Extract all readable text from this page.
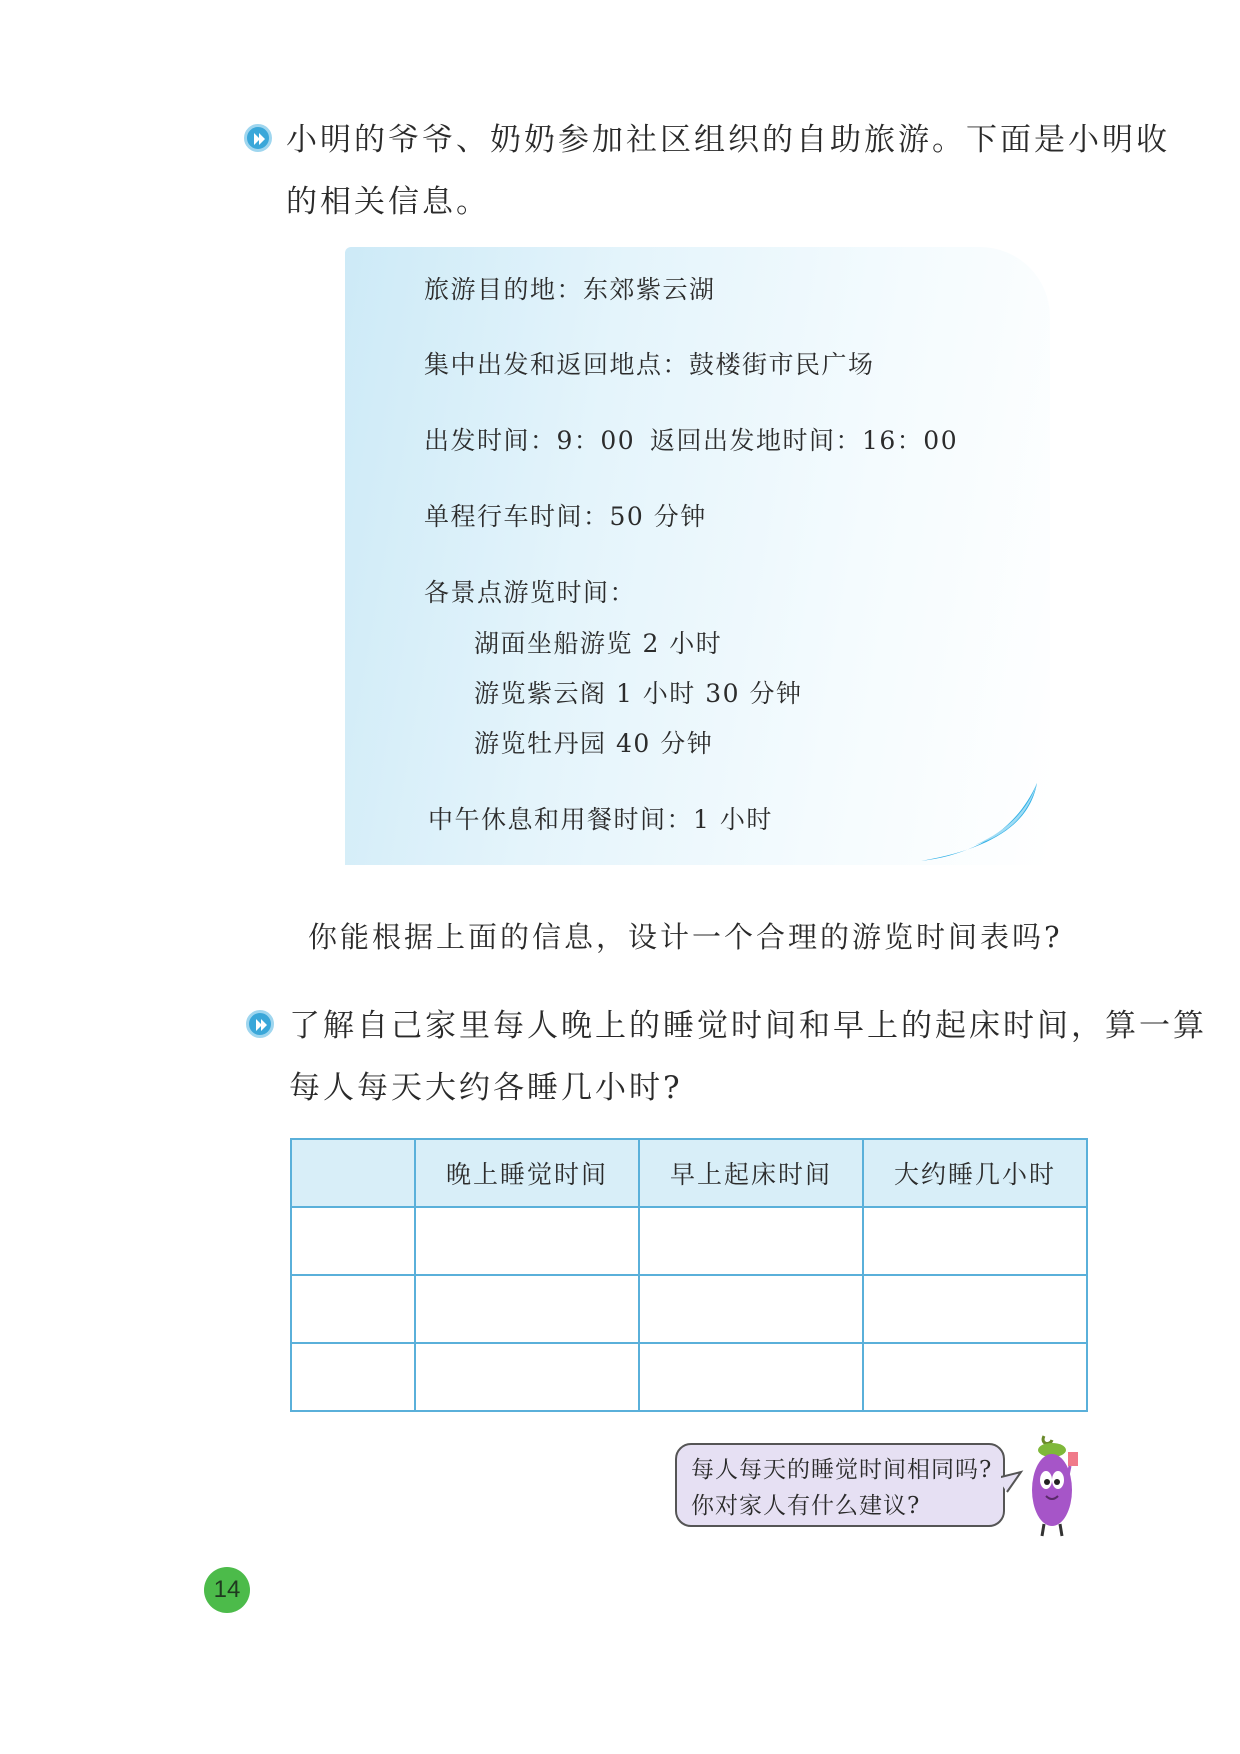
小明的爷爷、奶奶参加社区组织的自助旅游。下面是小明收
的相关信息。
旅游目的地：东郊紫云湖
集中出发和返回地点：鼓楼街市民广场
出发时间：9：00 返回出发地时间：16：00
单程行车时间：50 分钟
各景点游览时间：
湖面坐船游览 2 小时
游览紫云阁 1 小时 30 分钟
游览牡丹园 40 分钟
中午休息和用餐时间：1 小时
你能根据上面的信息，设计一个合理的游览时间表吗?
了解自己家里每人晚上的睡觉时间和早上的起床时间，算一算
每人每天大约各睡几小时?
	晚上睡觉时间	早上起床时间	大约睡几小时

每人每天的睡觉时间相同吗?
你对家人有什么建议?
14
